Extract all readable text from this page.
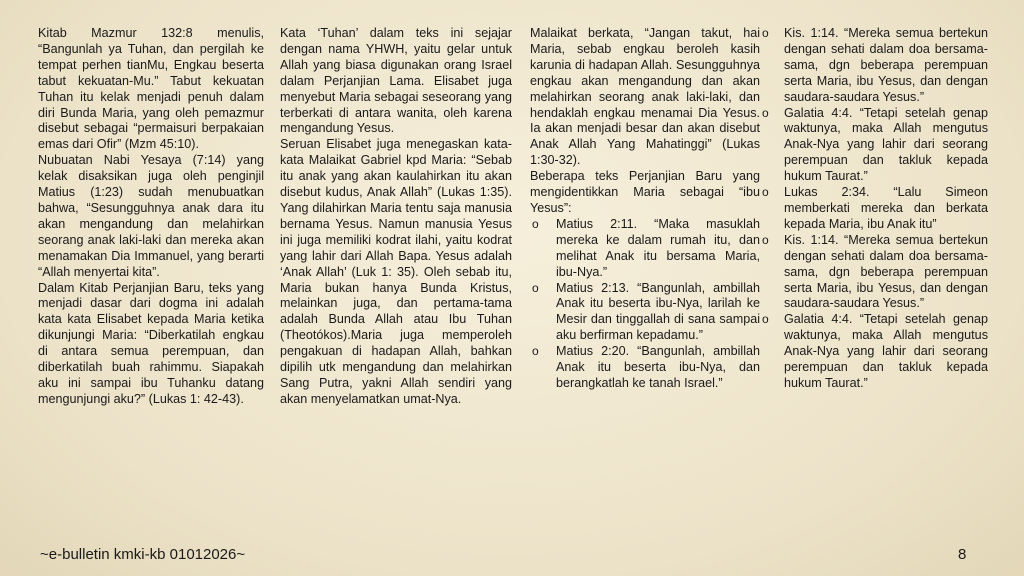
Kitab Mazmur 132:8 menulis, “Bangunlah ya Tuhan, dan pergilah ke tempat perhen tianMu, Engkau beserta tabut kekuatan-Mu.” Tabut kekuatan Tuhan itu kelak menjadi penuh dalam diri Bunda Maria, yang oleh pemazmur disebut sebagai “permaisuri berpakaian emas dari Ofir” (Mzm 45:10).

Nubuatan Nabi Yesaya (7:14) yang kelak disaksikan juga oleh penginjil Matius (1:23) sudah menubuatkan bahwa, “Sesungguhnya anak dara itu akan mengandung dan melahirkan seorang anak laki-laki dan mereka akan menamakan Dia Immanuel, yang berarti “Allah menyertai kita”.

Dalam Kitab Perjanjian Baru, teks yang menjadi dasar dari dogma ini adalah kata kata Elisabet kepada Maria ketika dikunjungi Maria: “Diberkatilah engkau di antara semua perempuan, dan diberkatilah buah rahimmu. Siapakah aku ini sampai ibu Tuhanku datang mengunjungi aku?” (Lukas 1: 42-43).

Kata ‘Tuhan’ dalam teks ini sejajar dengan nama YHWH, yaitu gelar untuk Allah yang biasa digunakan orang Israel dalam Perjanjian Lama. Elisabet juga menyebut Maria sebagai seseorang yang terberkati di antara wanita, oleh karena mengandung Yesus.

Seruan Elisabet juga menegaskan kata-kata Malaikat Gabriel kpd Maria: “Sebab itu anak yang akan kaulahirkan itu akan disebut kudus, Anak Allah” (Lukas 1:35). Yang dilahirkan Maria tentu saja manusia bernama Yesus. Namun manusia Yesus ini juga memiliki kodrat ilahi, yaitu kodrat yang lahir dari Allah Bapa. Yesus adalah ‘Anak Allah’ (Luk 1: 35). Oleh sebab itu, Maria bukan hanya Bunda Kristus, melainkan juga, dan pertama-tama adalah Bunda Allah atau Ibu Tuhan (Theotókos).Maria juga memperoleh pengakuan di hadapan Allah, bahkan dipilih utk mengandung dan melahirkan Sang Putra, yakni Allah sendiri yang akan menyelamatkan umat-Nya.

Malaikat berkata, “Jangan takut, hai Maria, sebab engkau beroleh kasih karunia di hadapan Allah. Sesungguhnya engkau akan mengandung dan akan melahirkan seorang anak laki-laki, dan hendaklah engkau menamai Dia Yesus. Ia akan menjadi besar dan akan disebut Anak Allah Yang Mahatinggi” (Lukas 1:30-32).

Beberapa teks Perjanjian Baru yang mengidentikkan Maria sebagai “ibu Yesus”:

o Matius 2:11. “Maka masuklah mereka ke dalam rumah itu, dan melihat Anak itu bersama Maria, ibu-Nya.”
o Matius 2:13. “Bangunlah, ambillah Anak itu beserta ibu-Nya, larilah ke Mesir dan tinggallah di sana sampai aku berfirman kepadamu.”
o Matius 2:20. “Bangunlah, ambillah Anak itu beserta ibu-Nya, dan berangkatlah ke tanah Israel.”
o Kis. 1:14. “Mereka semua bertekun dengan sehati dalam doa bersama-sama, dgn beberapa perempuan serta Maria, ibu Yesus, dan dengan saudara-saudara Yesus.”
o Galatia 4:4. “Tetapi setelah genap waktunya, maka Allah mengutus Anak-Nya yang lahir dari seorang perempuan dan takluk kepada hukum Taurat.”
o Lukas 2:34. “Lalu Simeon memberkati mereka dan berkata kepada Maria, ibu Anak itu”
o Kis. 1:14. “Mereka semua bertekun dengan sehati dalam doa bersama-sama, dgn beberapa perempuan serta Maria, ibu Yesus, dan dengan saudara-saudara Yesus.”
o Galatia 4:4. “Tetapi setelah genap waktunya, maka Allah mengutus Anak-Nya yang lahir dari seorang perempuan dan takluk kepada hukum Taurat.”
~e-bulletin kmki-kb 01012026~	8
